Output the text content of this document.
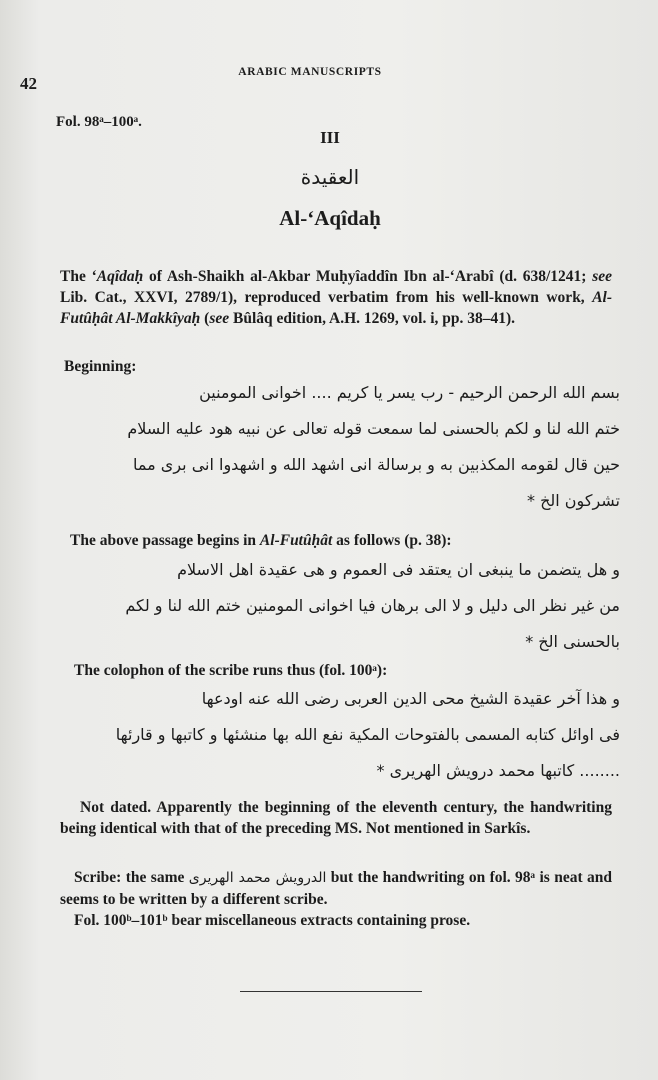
42
ARABIC MANUSCRIPTS
Fol. 98ᵃ–100ᵃ.
III
العقيدة
Al-‘Aqîdaḥ
The ‘Aqîdaḥ of Ash-Shaikh al-Akbar Muḥyîaddîn Ibn al-‘Arabî (d. 638/1241; see Lib. Cat., XXVI, 2789/1), reproduced verbatim from his well-known work, Al-Futûḥât Al-Makkîyaḥ (see Bûlâq edition, A.H. 1269, vol. i, pp. 38–41).
Beginning:
بسم الله الرحمن الرحيم - رب يسر يا كريم .... اخوانى المومنين
ختم الله لنا و لكم بالحسنى لما سمعت قوله تعالى عن نبيه هود عليه السلام
حين قال لقومه المكذبين به و برسالة انى اشهد الله و اشهدوا انى برى مما
تشركون الخ *
The above passage begins in Al-Futûḥât as follows (p. 38):
و هل يتضمن ما ينبغى ان يعتقد فى العموم و هى عقيدة اهل الاسلام
من غير نظر الى دليل و لا الى برهان فيا اخوانى المومنين ختم الله لنا و لكم
بالحسنى الخ *
The colophon of the scribe runs thus (fol. 100ᵃ):
و هذا آخر عقيدة الشيخ محى الدين العربى رضى الله عنه اودعها
فى اوائل كتابه المسمى بالفتوحات المكية نفع الله بها منشئها و كاتبها و قارئها
........ كاتبها محمد درويش الهريرى *
Not dated. Apparently the beginning of the eleventh century, the handwriting being identical with that of the preceding MS. Not mentioned in Sarkîs.
Scribe: the same الدرويش محمد الهريرى but the handwriting on fol. 98ᵃ is neat and seems to be written by a different scribe.
Fol. 100ᵇ–101ᵇ bear miscellaneous extracts containing prose.
